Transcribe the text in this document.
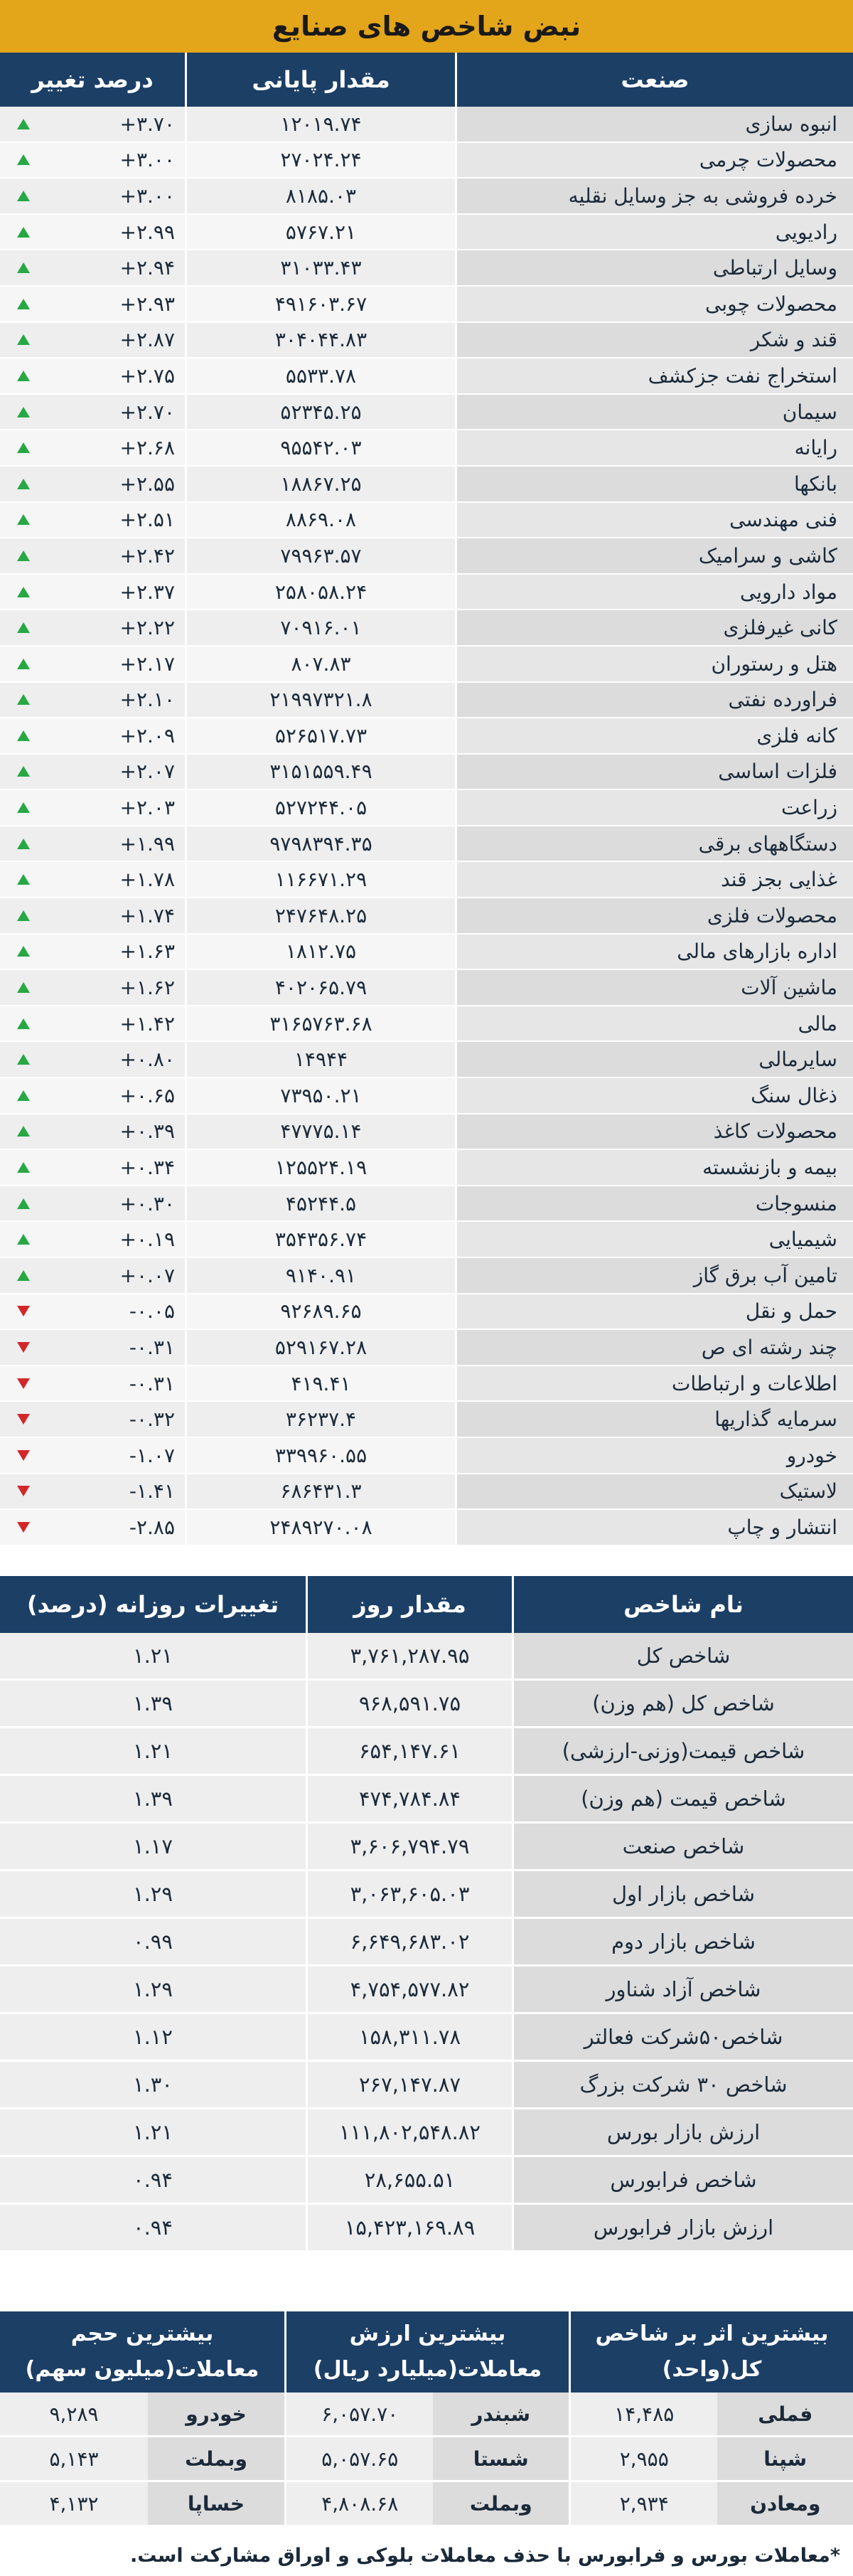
نبض شاخص های صنایع
صنعت
مقدار پایانی
درصد تغییر
انبوه سازی
۱۲۰۱۹.۷۴
+۳.۷۰
محصولات چرمی
۲۷۰۲۴.۲۴
+۳.۰۰
خرده فروشی به جز وسایل نقلیه
۸۱۸۵.۰۳
+۳.۰۰
رادیویی
۵۷۶۷.۲۱
+۲.۹۹
وسایل ارتباطی
۳۱۰۳۳.۴۳
+۲.۹۴
محصولات چوبی
۴۹۱۶۰۳.۶۷
+۲.۹۳
قند و شکر
۳۰۴۰۴۴.۸۳
+۲.۸۷
استخراج نفت جزکشف
۵۵۳۳.۷۸
+۲.۷۵
سیمان
۵۲۳۴۵.۲۵
+۲.۷۰
رایانه
۹۵۵۴۲.۰۳
+۲.۶۸
بانکها
۱۸۸۶۷.۲۵
+۲.۵۵
فنی مهندسی
۸۸۶۹.۰۸
+۲.۵۱
کاشی و سرامیک
۷۹۹۶۳.۵۷
+۲.۴۲
مواد دارویی
۲۵۸۰۵۸.۲۴
+۲.۳۷
کانی غیرفلزی
۷۰۹۱۶.۰۱
+۲.۲۲
هتل و رستوران
۸۰۷.۸۳
+۲.۱۷
فراورده نفتی
۲۱۹۹۷۳۲۱.۸
+۲.۱۰
کانه فلزی
۵۲۶۵۱۷.۷۳
+۲.۰۹
فلزات اساسی
۳۱۵۱۵۵۹.۴۹
+۲.۰۷
زراعت
۵۲۷۲۴۴.۰۵
+۲.۰۳
دستگاههای برقی
۹۷۹۸۳۹۴.۳۵
+۱.۹۹
غذایی بجز قند
۱۱۶۶۷۱.۲۹
+۱.۷۸
محصولات فلزی
۲۴۷۶۴۸.۲۵
+۱.۷۴
اداره بازارهای مالی
۱۸۱۲.۷۵
+۱.۶۳
ماشین آلات
۴۰۲۰۶۵.۷۹
+۱.۶۲
مالی
۳۱۶۵۷۶۳.۶۸
+۱.۴۲
سایرمالی
۱۴۹۴۴
+۰.۸۰
ذغال سنگ
۷۳۹۵۰.۲۱
+۰.۶۵
محصولات کاغذ
۴۷۷۷۵.۱۴
+۰.۳۹
بیمه و بازنشسته
۱۲۵۵۲۴.۱۹
+۰.۳۴
منسوجات
۴۵۲۴۴.۵
+۰.۳۰
شیمیایی
۳۵۴۳۵۶.۷۴
+۰.۱۹
تامین آب برق گاز
۹۱۴۰.۹۱
+۰.۰۷
حمل و نقل
۹۲۶۸۹.۶۵
-۰.۰۵
چند رشته ای ص
۵۲۹۱۶۷.۲۸
-۰.۳۱
اطلاعات و ارتباطات
۴۱۹.۴۱
-۰.۳۱
سرمایه گذاریها
۳۶۲۳۷.۴
-۰.۳۲
خودرو
۳۳۹۹۶۰.۵۵
-۱.۰۷
لاستیک
۶۸۶۴۳۱.۳
-۱.۴۱
انتشار و چاپ
۲۴۸۹۲۷۰.۰۸
-۲.۸۵
نام شاخص
مقدار روز
تغییرات روزانه (درصد)
شاخص کل
۳,۷۶۱,۲۸۷.۹۵
۱.۲۱
شاخص کل (هم وزن)
۹۶۸,۵۹۱.۷۵
۱.۳۹
شاخص قیمت(وزنی-ارزشی)
۶۵۴,۱۴۷.۶۱
۱.۲۱
شاخص قیمت (هم وزن)
۴۷۴,۷۸۴.۸۴
۱.۳۹
شاخص صنعت
۳,۶۰۶,۷۹۴.۷۹
۱.۱۷
شاخص بازار اول
۳,۰۶۳,۶۰۵.۰۳
۱.۲۹
شاخص بازار دوم
۶,۶۴۹,۶۸۳.۰۲
۰.۹۹
شاخص آزاد شناور
۴,۷۵۴,۵۷۷.۸۲
۱.۲۹
شاخص۵۰شرکت فعالتر
۱۵۸,۳۱۱.۷۸
۱.۱۲
شاخص ۳۰ شرکت بزرگ
۲۶۷,۱۴۷.۸۷
۱.۳۰
ارزش بازار بورس
۱۱۱,۸۰۲,۵۴۸.۸۲
۱.۲۱
شاخص فرابورس
۲۸,۶۵۵.۵۱
۰.۹۴
ارزش بازار فرابورس
۱۵,۴۲۳,۱۶۹.۸۹
۰.۹۴
بیشترین اثر بر شاخص
کل(واحد)
بیشترین ارزش
معاملات(میلیارد ریال)
بیشترین حجم
معاملات(میلیون سهم)
فملی
۱۴,۴۸۵
شبندر
۶,۰۵۷.۷۰
خودرو
۹,۲۸۹
شپنا
۲,۹۵۵
شستا
۵,۰۵۷.۶۵
وبملت
۵,۱۴۳
ومعادن
۲,۹۳۴
وبملت
۴,۸۰۸.۶۸
خساپا
۴,۱۳۲
*معاملات بورس و فرابورس با حذف معاملات بلوکی و اوراق مشارکت است.
